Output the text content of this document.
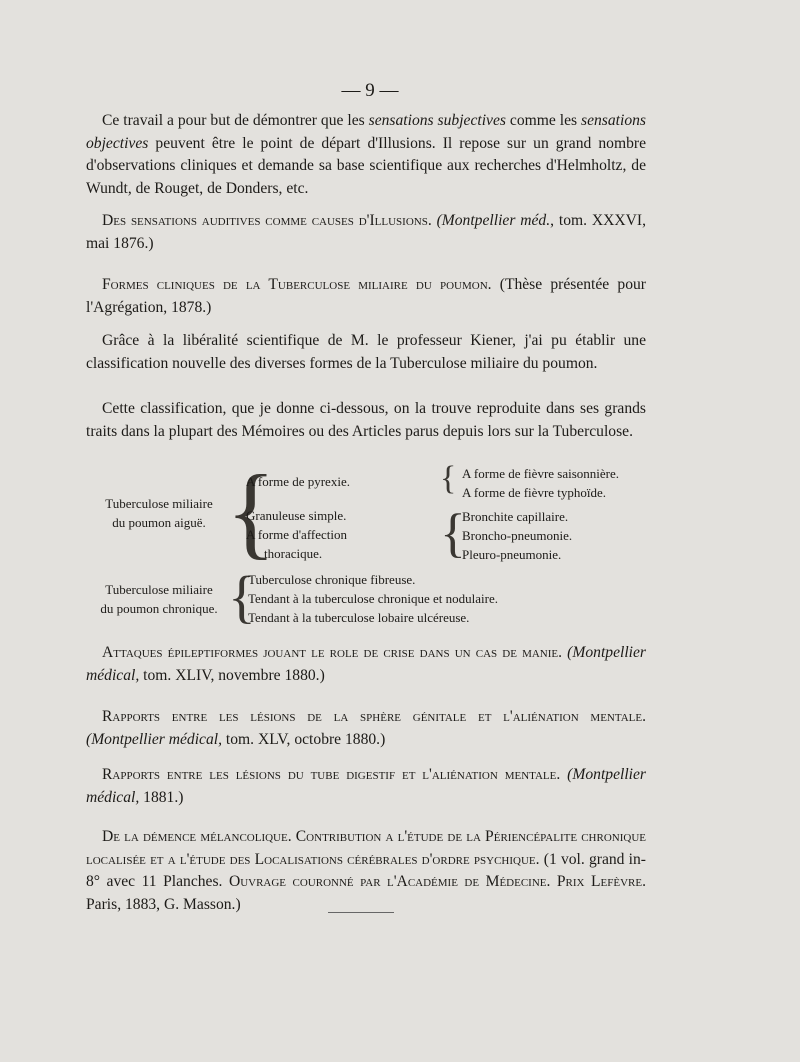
— 9 —
Ce travail a pour but de démontrer que les sensations subjectives comme les sensations objectives peuvent être le point de départ d'Illusions. Il repose sur un grand nombre d'observations cliniques et demande sa base scientifique aux recherches d'Helmholtz, de Wundt, de Rouget, de Donders, etc.
Des sensations auditives comme causes d'Illusions. (Montpellier méd., tom. XXXVI, mai 1876.)
Formes cliniques de la Tuberculose miliaire du poumon. (Thèse présentée pour l'Agrégation, 1878.)
Grâce à la libéralité scientifique de M. le professeur Kiener, j'ai pu établir une classification nouvelle des diverses formes de la Tuberculose miliaire du poumon.
Cette classification, que je donne ci-dessous, on la trouve reproduite dans ses grands traits dans la plupart des Mémoires ou des Articles parus depuis lors sur la Tuberculose.
Tuberculose miliaire
du poumon aiguë. {
A forme de pyrexie.	{ A forme de fièvre saisonnière.
A forme de fièvre typhoïde.
Granuleuse simple.
A forme d'affection
thoracique.	{
Bronchite capillaire.
Broncho-pneumonie.
Pleuro-pneumonie.
Tuberculose miliaire
du poumon chronique. {
Tuberculose chronique fibreuse.
Tendant à la tuberculose chronique et nodulaire.
Tendant à la tuberculose lobaire ulcéreuse.
Attaques épileptiformes jouant le role de crise dans un cas de manie. (Montpellier médical, tom. XLIV, novembre 1880.)
Rapports entre les lésions de la sphère génitale et l'aliénation mentale. (Montpellier médical, tom. XLV, octobre 1880.)
Rapports entre les lésions du tube digestif et l'aliénation mentale. (Montpellier médical, 1881.)
De la démence mélancolique. Contribution a l'étude de la Périencépalite chronique localisée et a l'étude des Localisations cérébrales d'ordre psychique. (1 vol. grand in-8° avec 11 Planches. Ouvrage couronné par l'Académie de Médecine. Prix Lefèvre. Paris, 1883, G. Masson.)
